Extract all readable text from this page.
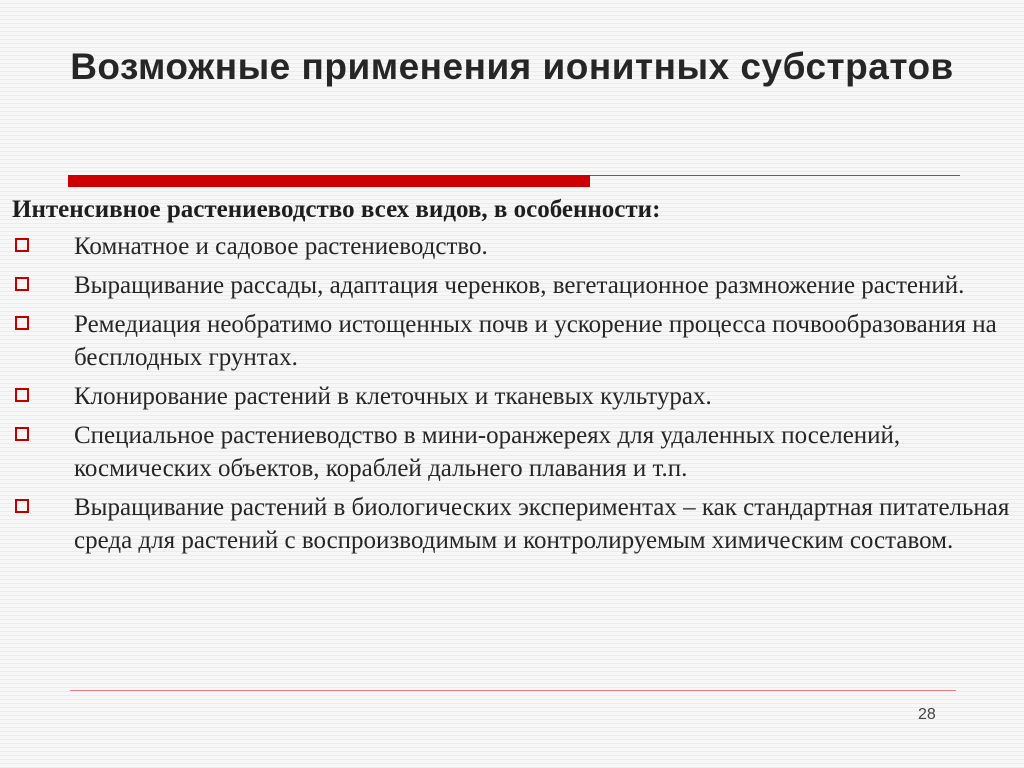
Возможные применения ионитных субстратов

Интенсивное растениеводство всех видов, в особенности:

Комнатное и садовое растениеводство.
Выращивание рассады, адаптация черенков, вегетационное размножение растений.
Ремедиация необратимо истощенных почв и ускорение процесса почвообразования на бесплодных грунтах.
Клонирование растений в клеточных и тканевых культурах.
Специальное растениеводство в мини-оранжереях для удаленных поселений, космических объектов, кораблей дальнего плавания и т.п.
Выращивание растений в биологических экспериментах – как стандартная питательная среда для растений с воспроизводимым и контролируемым химическим составом.
28
